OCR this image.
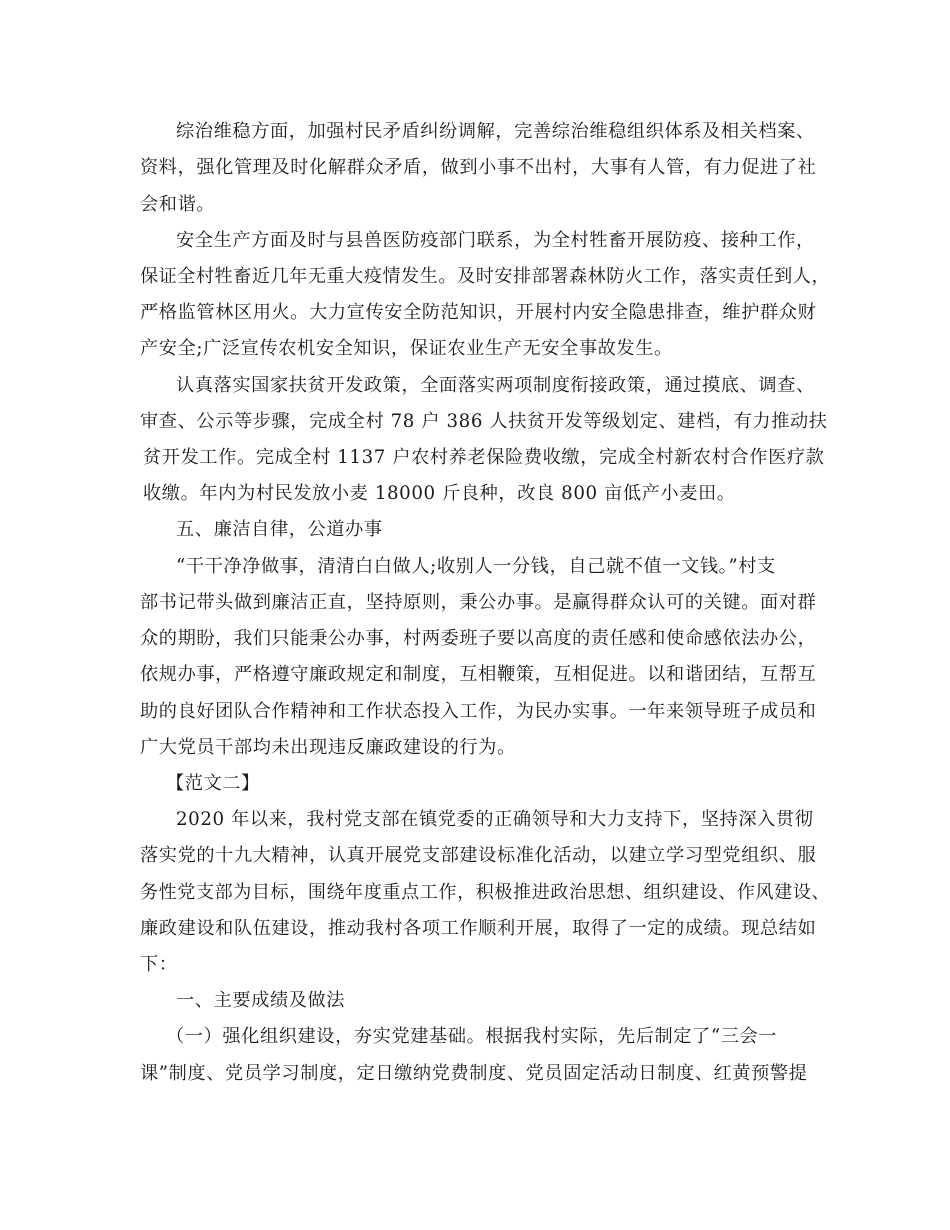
综治维稳方面，加强村民矛盾纠纷调解，完善综治维稳组织体系及相关档案、
资料，强化管理及时化解群众矛盾，做到小事不出村，大事有人管，有力促进了社
会和谐。
安全生产方面及时与县兽医防疫部门联系，为全村牲畜开展防疫、接种工作，
保证全村牲畜近几年无重大疫情发生。及时安排部署森林防火工作，落实责任到人，
严格监管林区用火。大力宣传安全防范知识，开展村内安全隐患排查，维护群众财
产安全;广泛宣传农机安全知识，保证农业生产无安全事故发生。
认真落实国家扶贫开发政策，全面落实两项制度衔接政策，通过摸底、调查、
审查、公示等步骤，完成全村 78 户 386 人扶贫开发等级划定、建档，有力推动扶
贫开发工作。完成全村 1137 户农村养老保险费收缴，完成全村新农村合作医疗款
收缴。年内为村民发放小麦 18000 斤良种，改良 800 亩低产小麦田。
五、廉洁自律，公道办事
“干干净净做事，清清白白做人;收别人一分钱，自己就不值一文钱。”村支
部书记带头做到廉洁正直，坚持原则，秉公办事。是赢得群众认可的关键。面对群
众的期盼，我们只能秉公办事，村两委班子要以高度的责任感和使命感依法办公，
依规办事，严格遵守廉政规定和制度，互相鞭策，互相促进。以和谐团结，互帮互
助的良好团队合作精神和工作状态投入工作，为民办实事。一年来领导班子成员和
广大党员干部均未出现违反廉政建设的行为。
【范文二】
2020 年以来，我村党支部在镇党委的正确领导和大力支持下，坚持深入贯彻
落实党的十九大精神，认真开展党支部建设标准化活动，以建立学习型党组织、服
务性党支部为目标，围绕年度重点工作，积极推进政治思想、组织建设、作风建设、
廉政建设和队伍建设，推动我村各项工作顺利开展，取得了一定的成绩。现总结如
下：
一、主要成绩及做法
（一）强化组织建设，夯实党建基础。根据我村实际，先后制定了“三会一
课”制度、党员学习制度，定日缴纳党费制度、党员固定活动日制度、红黄预警提
